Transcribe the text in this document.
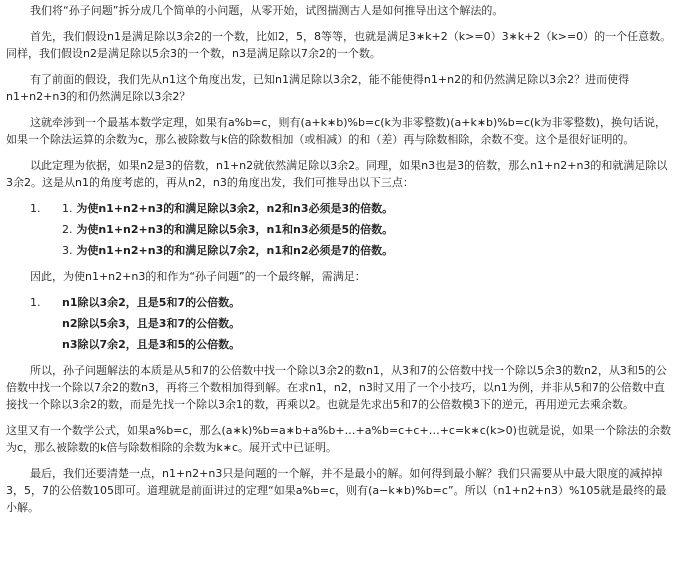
我们将“孙子问题”拆分成几个简单的小问题，从零开始，试图揣测古人是如何推导出这个解法的。

首先，我们假设n1是满足除以3余2的一个数，比如2，5，8等等，也就是满足3∗k+2（k>=0）3∗k+2（k>=0）的一个任意数。同样，我们假设n2是满足除以5余3的一个数，n3是满足除以7余2的一个数。

有了前面的假设，我们先从n1这个角度出发，已知n1满足除以3余2，能不能使得n1+n2的和仍然满足除以3余2？进而使得n1+n2+n3的和仍然满足除以3余2？

这就牵涉到一个最基本数学定理，如果有a%b=c，则有(a+k∗b)%b=c(k为非零整数)(a+k∗b)%b=c(k为非零整数)，换句话说，如果一个除法运算的余数为c，那么被除数与k倍的除数相加（或相减）的和（差）再与除数相除，余数不变。这个是很好证明的。

以此定理为依据，如果n2是3的倍数，n1+n2就依然满足除以3余2。同理，如果n3也是3的倍数，那么n1+n2+n3的和就满足除以3余2。这是从n1的角度考虑的，再从n2，n3的角度出发，我们可推导出以下三点：

1. 1. 为使n1+n2+n3的和满足除以3余2，n2和n3必须是3的倍数。
2. 为使n1+n2+n3的和满足除以5余3，n1和n3必须是5的倍数。
3. 为使n1+n2+n3的和满足除以7余2，n1和n2必须是7的倍数。

因此，为使n1+n2+n3的和作为“孙子问题”的一个最终解，需满足：

1. n1除以3余2，且是5和7的公倍数。
n2除以5余3，且是3和7的公倍数。
n3除以7余2，且是3和5的公倍数。

所以，孙子问题解法的本质是从5和7的公倍数中找一个除以3余2的数n1，从3和7的公倍数中找一个除以5余3的数n2，从3和5的公倍数中找一个除以7余2的数n3，再将三个数相加得到解。在求n1，n2，n3时又用了一个小技巧，以n1为例，并非从5和7的公倍数中直接找一个除以3余2的数，而是先找一个除以3余1的数，再乘以2。也就是先求出5和7的公倍数模3下的逆元，再用逆元去乘余数。

这里又有一个数学公式，如果a%b=c，那么(a∗k)%b=a∗b+a%b+…+a%b=c+c+…+c=k∗c(k>0)也就是说，如果一个除法的余数为c，那么被除数的k倍与除数相除的余数为k∗c。展开式中已证明。

最后，我们还要清楚一点，n1+n2+n3只是问题的一个解，并不是最小的解。如何得到最小解？我们只需要从中最大限度的减掉掉3，5，7的公倍数105即可。道理就是前面讲过的定理“如果a%b=c，则有(a−k∗b)%b=c”。所以（n1+n2+n3）%105就是最终的最小解。
